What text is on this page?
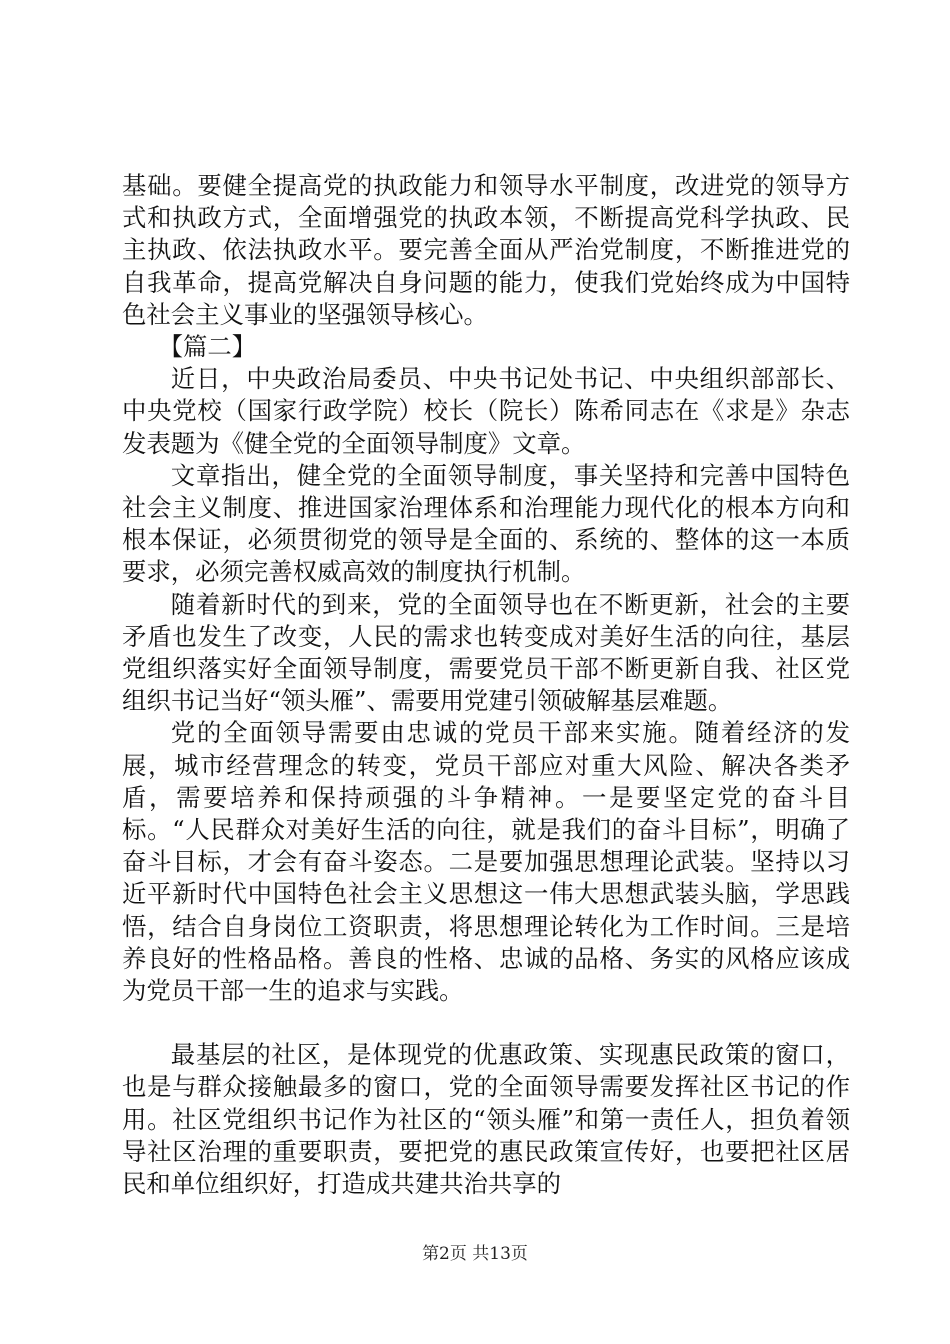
基础。要健全提高党的执政能力和领导水平制度，改进党的领导方式和执政方式，全面增强党的执政本领，不断提高党科学执政、民主执政、依法执政水平。要完善全面从严治党制度，不断推进党的自我革命，提高党解决自身问题的能力，使我们党始终成为中国特色社会主义事业的坚强领导核心。

【篇二】

近日，中央政治局委员、中央书记处书记、中央组织部部长、中央党校（国家行政学院）校长（院长）陈希同志在《求是》杂志发表题为《健全党的全面领导制度》文章。

文章指出，健全党的全面领导制度，事关坚持和完善中国特色社会主义制度、推进国家治理体系和治理能力现代化的根本方向和根本保证，必须贯彻党的领导是全面的、系统的、整体的这一本质要求，必须完善权威高效的制度执行机制。

随着新时代的到来，党的全面领导也在不断更新，社会的主要矛盾也发生了改变，人民的需求也转变成对美好生活的向往，基层党组织落实好全面领导制度，需要党员干部不断更新自我、社区党组织书记当好“领头雁”、需要用党建引领破解基层难题。

党的全面领导需要由忠诚的党员干部来实施。随着经济的发展，城市经营理念的转变，党员干部应对重大风险、解决各类矛盾，需要培养和保持顽强的斗争精神。一是要坚定党的奋斗目标。“人民群众对美好生活的向往，就是我们的奋斗目标”，明确了奋斗目标，才会有奋斗姿态。二是要加强思想理论武装。坚持以习近平新时代中国特色社会主义思想这一伟大思想武装头脑，学思践悟，结合自身岗位工资职责，将思想理论转化为工作时间。三是培养良好的性格品格。善良的性格、忠诚的品格、务实的风格应该成为党员干部一生的追求与实践。

最基层的社区，是体现党的优惠政策、实现惠民政策的窗口，也是与群众接触最多的窗口，党的全面领导需要发挥社区书记的作用。社区党组织书记作为社区的“领头雁”和第一责任人，担负着领导社区治理的重要职责，要把党的惠民政策宣传好，也要把社区居民和单位组织好，打造成共建共治共享的

第2页 共13页
